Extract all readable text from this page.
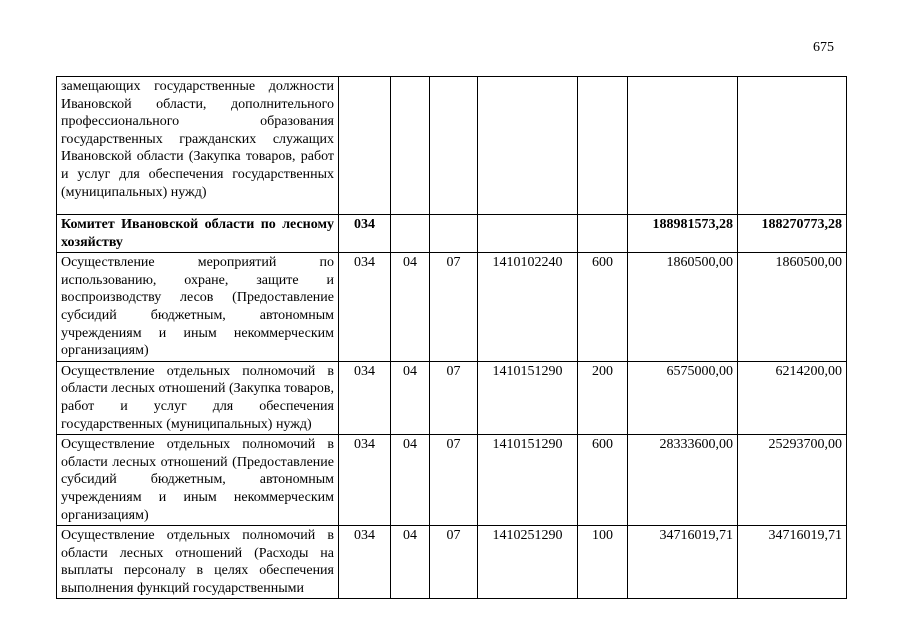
675
замещающих государственные должности Ивановской области, дополнительного профессионального образования государственных гражданских служащих Ивановской области (Закупка товаров, работ и услуг для обеспечения государственных (муниципальных) нужд)							
Комитет Ивановской области по лесному хозяйству	034					188981573,28	188270773,28
Осуществление мероприятий по использованию, охране, защите и воспроизводству лесов (Предоставление субсидий бюджетным, автономным учреждениям и иным некоммерческим организациям)	034	04	07	1410102240	600	1860500,00	1860500,00
Осуществление отдельных полномочий в области лесных отношений (Закупка товаров, работ и услуг для обеспечения государственных (муниципальных) нужд)	034	04	07	1410151290	200	6575000,00	6214200,00
Осуществление отдельных полномочий в области лесных отношений (Предоставление субсидий бюджетным, автономным учреждениям и иным некоммерческим организациям)	034	04	07	1410151290	600	28333600,00	25293700,00
Осуществление отдельных полномочий в области лесных отношений (Расходы на выплаты персоналу в целях обеспечения выполнения функций государственными	034	04	07	1410251290	100	34716019,71	34716019,71
